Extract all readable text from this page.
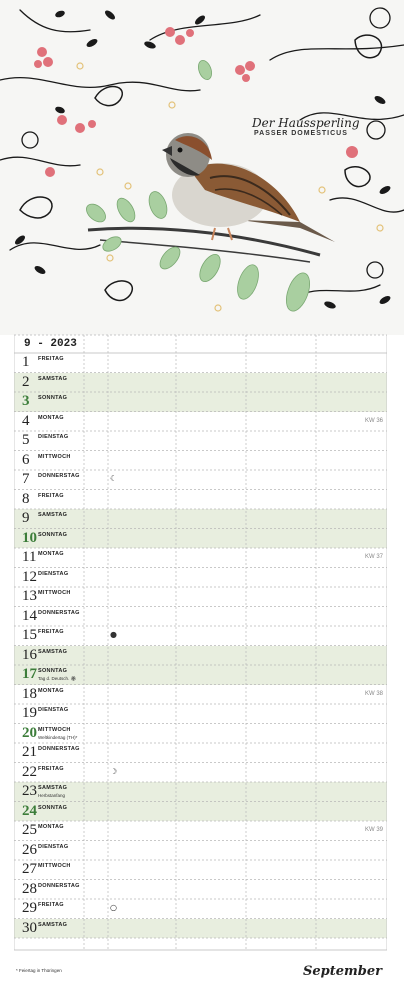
Der Haussperling
PASSER DOMESTICUS
9 - 2023
1	FREITAG
2	SAMSTAG
3	SONNTAG
4	MONTAG	KW 36
5	DIENSTAG
6	MITTWOCH
7	DONNERSTAG	☾
8	FREITAG
9	SAMSTAG
10 SONNTAG
11 MONTAG	KW 37
12 DIENSTAG
13 MITTWOCH
14 DONNERSTAG
15 FREITAG	●
16 SAMSTAG
17 SONNTAG
Tag d. Deutsch. 🏵
18 MONTAG	KW 38
19 DIENSTAG
20 MITTWOCH
Weltkindertag (TH)*
21 DONNERSTAG
22 FREITAG	☽
23 SAMSTAG
Herbstanfang
24 SONNTAG
25 MONTAG	KW 39
26 DIENSTAG
27 MITTWOCH
28 DONNERSTAG
29 FREITAG	○
30 SAMSTAG
* Feiertag in Thüringen	September
